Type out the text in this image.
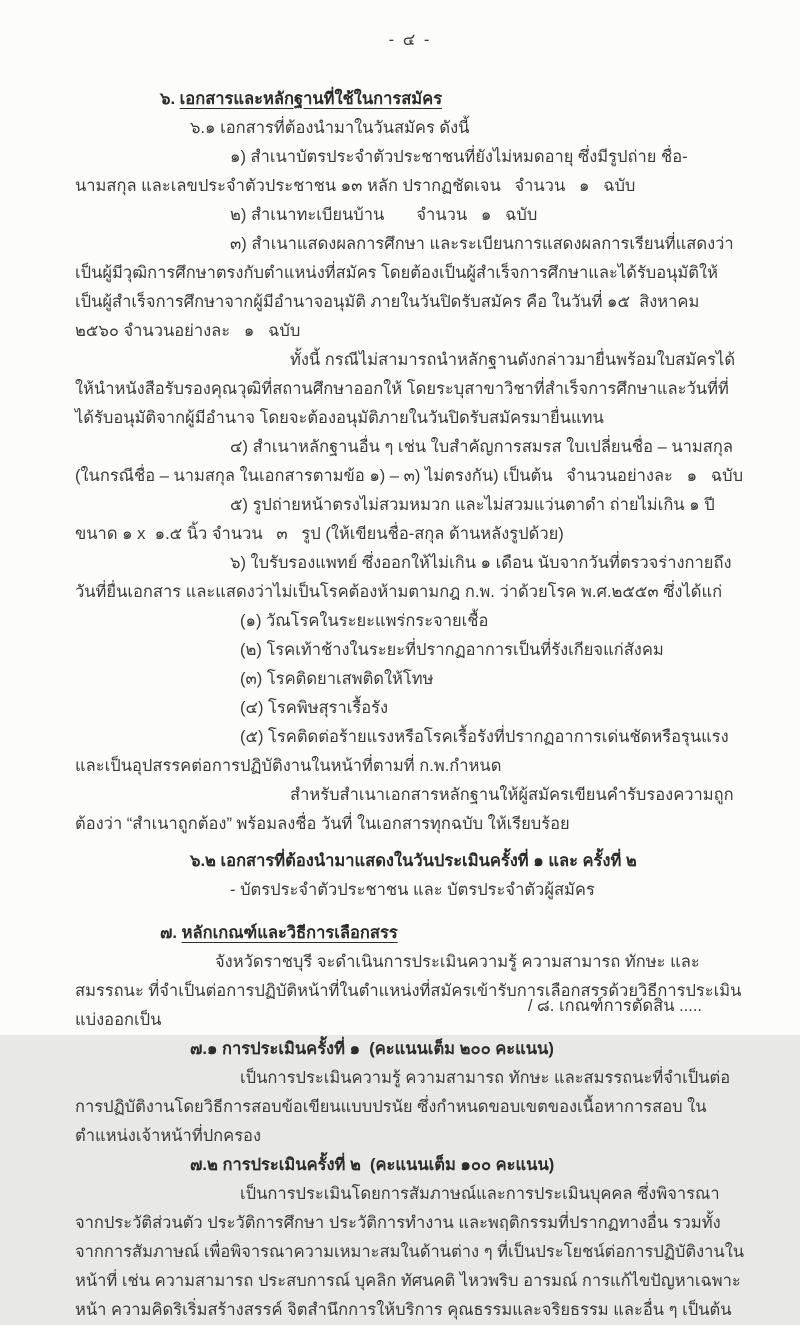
- ๔ -

๖. เอกสารและหลักฐานที่ใช้ในการสมัคร

๖.๑ เอกสารที่ต้องนำมาในวันสมัคร ดังนี้

๑) สำเนาบัตรประจำตัวประชาชนที่ยังไม่หมดอายุ ซึ่งมีรูปถ่าย ชื่อ-นามสกุล และเลขประจำตัวประชาชน ๑๓ หลัก ปรากฏชัดเจน   จำนวน   ๑   ฉบับ

๒) สำเนาทะเบียนบ้าน       จำนวน   ๑   ฉบับ

๓) สำเนาแสดงผลการศึกษา และระเบียนการแสดงผลการเรียนที่แสดงว่าเป็นผู้มีวุฒิการศึกษาตรงกับตำแหน่งที่สมัคร โดยต้องเป็นผู้สำเร็จการศึกษาและได้รับอนุมัติให้เป็นผู้สำเร็จการศึกษาจากผู้มีอำนาจอนุมัติ ภายในวันปิดรับสมัคร คือ ในวันที่ ๑๕  สิงหาคม ๒๕๖๐ จำนวนอย่างละ   ๑   ฉบับ

ทั้งนี้ กรณีไม่สามารถนำหลักฐานดังกล่าวมายื่นพร้อมใบสมัครได้ ให้นำหนังสือรับรองคุณวุฒิที่สถานศึกษาออกให้ โดยระบุสาขาวิชาที่สำเร็จการศึกษาและวันที่ที่ได้รับอนุมัติจากผู้มีอำนาจ โดยจะต้องอนุมัติภายในวันปิดรับสมัครมายื่นแทน

๔) สำเนาหลักฐานอื่น ๆ เช่น ใบสำคัญการสมรส ใบเปลี่ยนชื่อ – นามสกุล (ในกรณีชื่อ – นามสกุล ในเอกสารตามข้อ ๑) – ๓) ไม่ตรงกัน) เป็นต้น   จำนวนอย่างละ   ๑   ฉบับ

๕) รูปถ่ายหน้าตรงไม่สวมหมวก และไม่สวมแว่นตาดำ ถ่ายไม่เกิน ๑ ปี ขนาด ๑ x  ๑.๕ นิ้ว จำนวน   ๓   รูป (ให้เขียนชื่อ-สกุล ด้านหลังรูปด้วย)

๖) ใบรับรองแพทย์ ซึ่งออกให้ไม่เกิน ๑ เดือน นับจากวันที่ตรวจร่างกายถึงวันที่ยื่นเอกสาร และแสดงว่าไม่เป็นโรคต้องห้ามตามกฎ ก.พ. ว่าด้วยโรค พ.ศ.๒๕๕๓ ซึ่งได้แก่

(๑) วัณโรคในระยะแพร่กระจายเชื้อ

(๒) โรคเท้าช้างในระยะที่ปรากฏอาการเป็นที่รังเกียจแก่สังคม

(๓) โรคติดยาเสพติดให้โทษ

(๔) โรคพิษสุราเรื้อรัง

(๕) โรคติดต่อร้ายแรงหรือโรคเรื้อรังที่ปรากฏอาการเด่นชัดหรือรุนแรง และเป็นอุปสรรคต่อการปฏิบัติงานในหน้าที่ตามที่ ก.พ.กำหนด

สำหรับสำเนาเอกสารหลักฐานให้ผู้สมัครเขียนคำรับรองความถูกต้องว่า “สำเนาถูกต้อง” พร้อมลงชื่อ วันที่ ในเอกสารทุกฉบับ ให้เรียบร้อย

๖.๒ เอกสารที่ต้องนำมาแสดงในวันประเมินครั้งที่ ๑ และ ครั้งที่ ๒

- บัตรประจำตัวประชาชน และ บัตรประจำตัวผู้สมัคร

๗. หลักเกณฑ์และวิธีการเลือกสรร

จังหวัดราชบุรี จะดำเนินการประเมินความรู้ ความสามารถ ทักษะ และสมรรถนะ ที่จำเป็นต่อการปฏิบัติหน้าที่ในตำแหน่งที่สมัครเข้ารับการเลือกสรรด้วยวิธีการประเมิน แบ่งออกเป็น

๗.๑ การประเมินครั้งที่ ๑  (คะแนนเต็ม ๒๐๐ คะแนน)

เป็นการประเมินความรู้ ความสามารถ ทักษะ และสมรรถนะที่จำเป็นต่อการปฏิบัติงานโดยวิธีการสอบข้อเขียนแบบปรนัย ซึ่งกำหนดขอบเขตของเนื้อหาการสอบ ในตำแหน่งเจ้าหน้าที่ปกครอง

๗.๒ การประเมินครั้งที่ ๒  (คะแนนเต็ม ๑๐๐ คะแนน)

เป็นการประเมินโดยการสัมภาษณ์และการประเมินบุคคล ซึ่งพิจารณาจากประวัติส่วนตัว ประวัติการศึกษา ประวัติการทำงาน และพฤติกรรมที่ปรากฏทางอื่น รวมทั้งจากการสัมภาษณ์ เพื่อพิจารณาความเหมาะสมในด้านต่าง ๆ ที่เป็นประโยชน์ต่อการปฏิบัติงานในหน้าที่ เช่น ความสามารถ ประสบการณ์ บุคลิก ทัศนคติ ไหวพริบ อารมณ์ การแก้ไขปัญหาเฉพาะหน้า ความคิดริเริ่มสร้างสรรค์ จิตสำนึกการให้บริการ คุณธรรมและจริยธรรม และอื่น ๆ เป็นต้น

/ ๘. เกณฑ์การตัดสิน .....
